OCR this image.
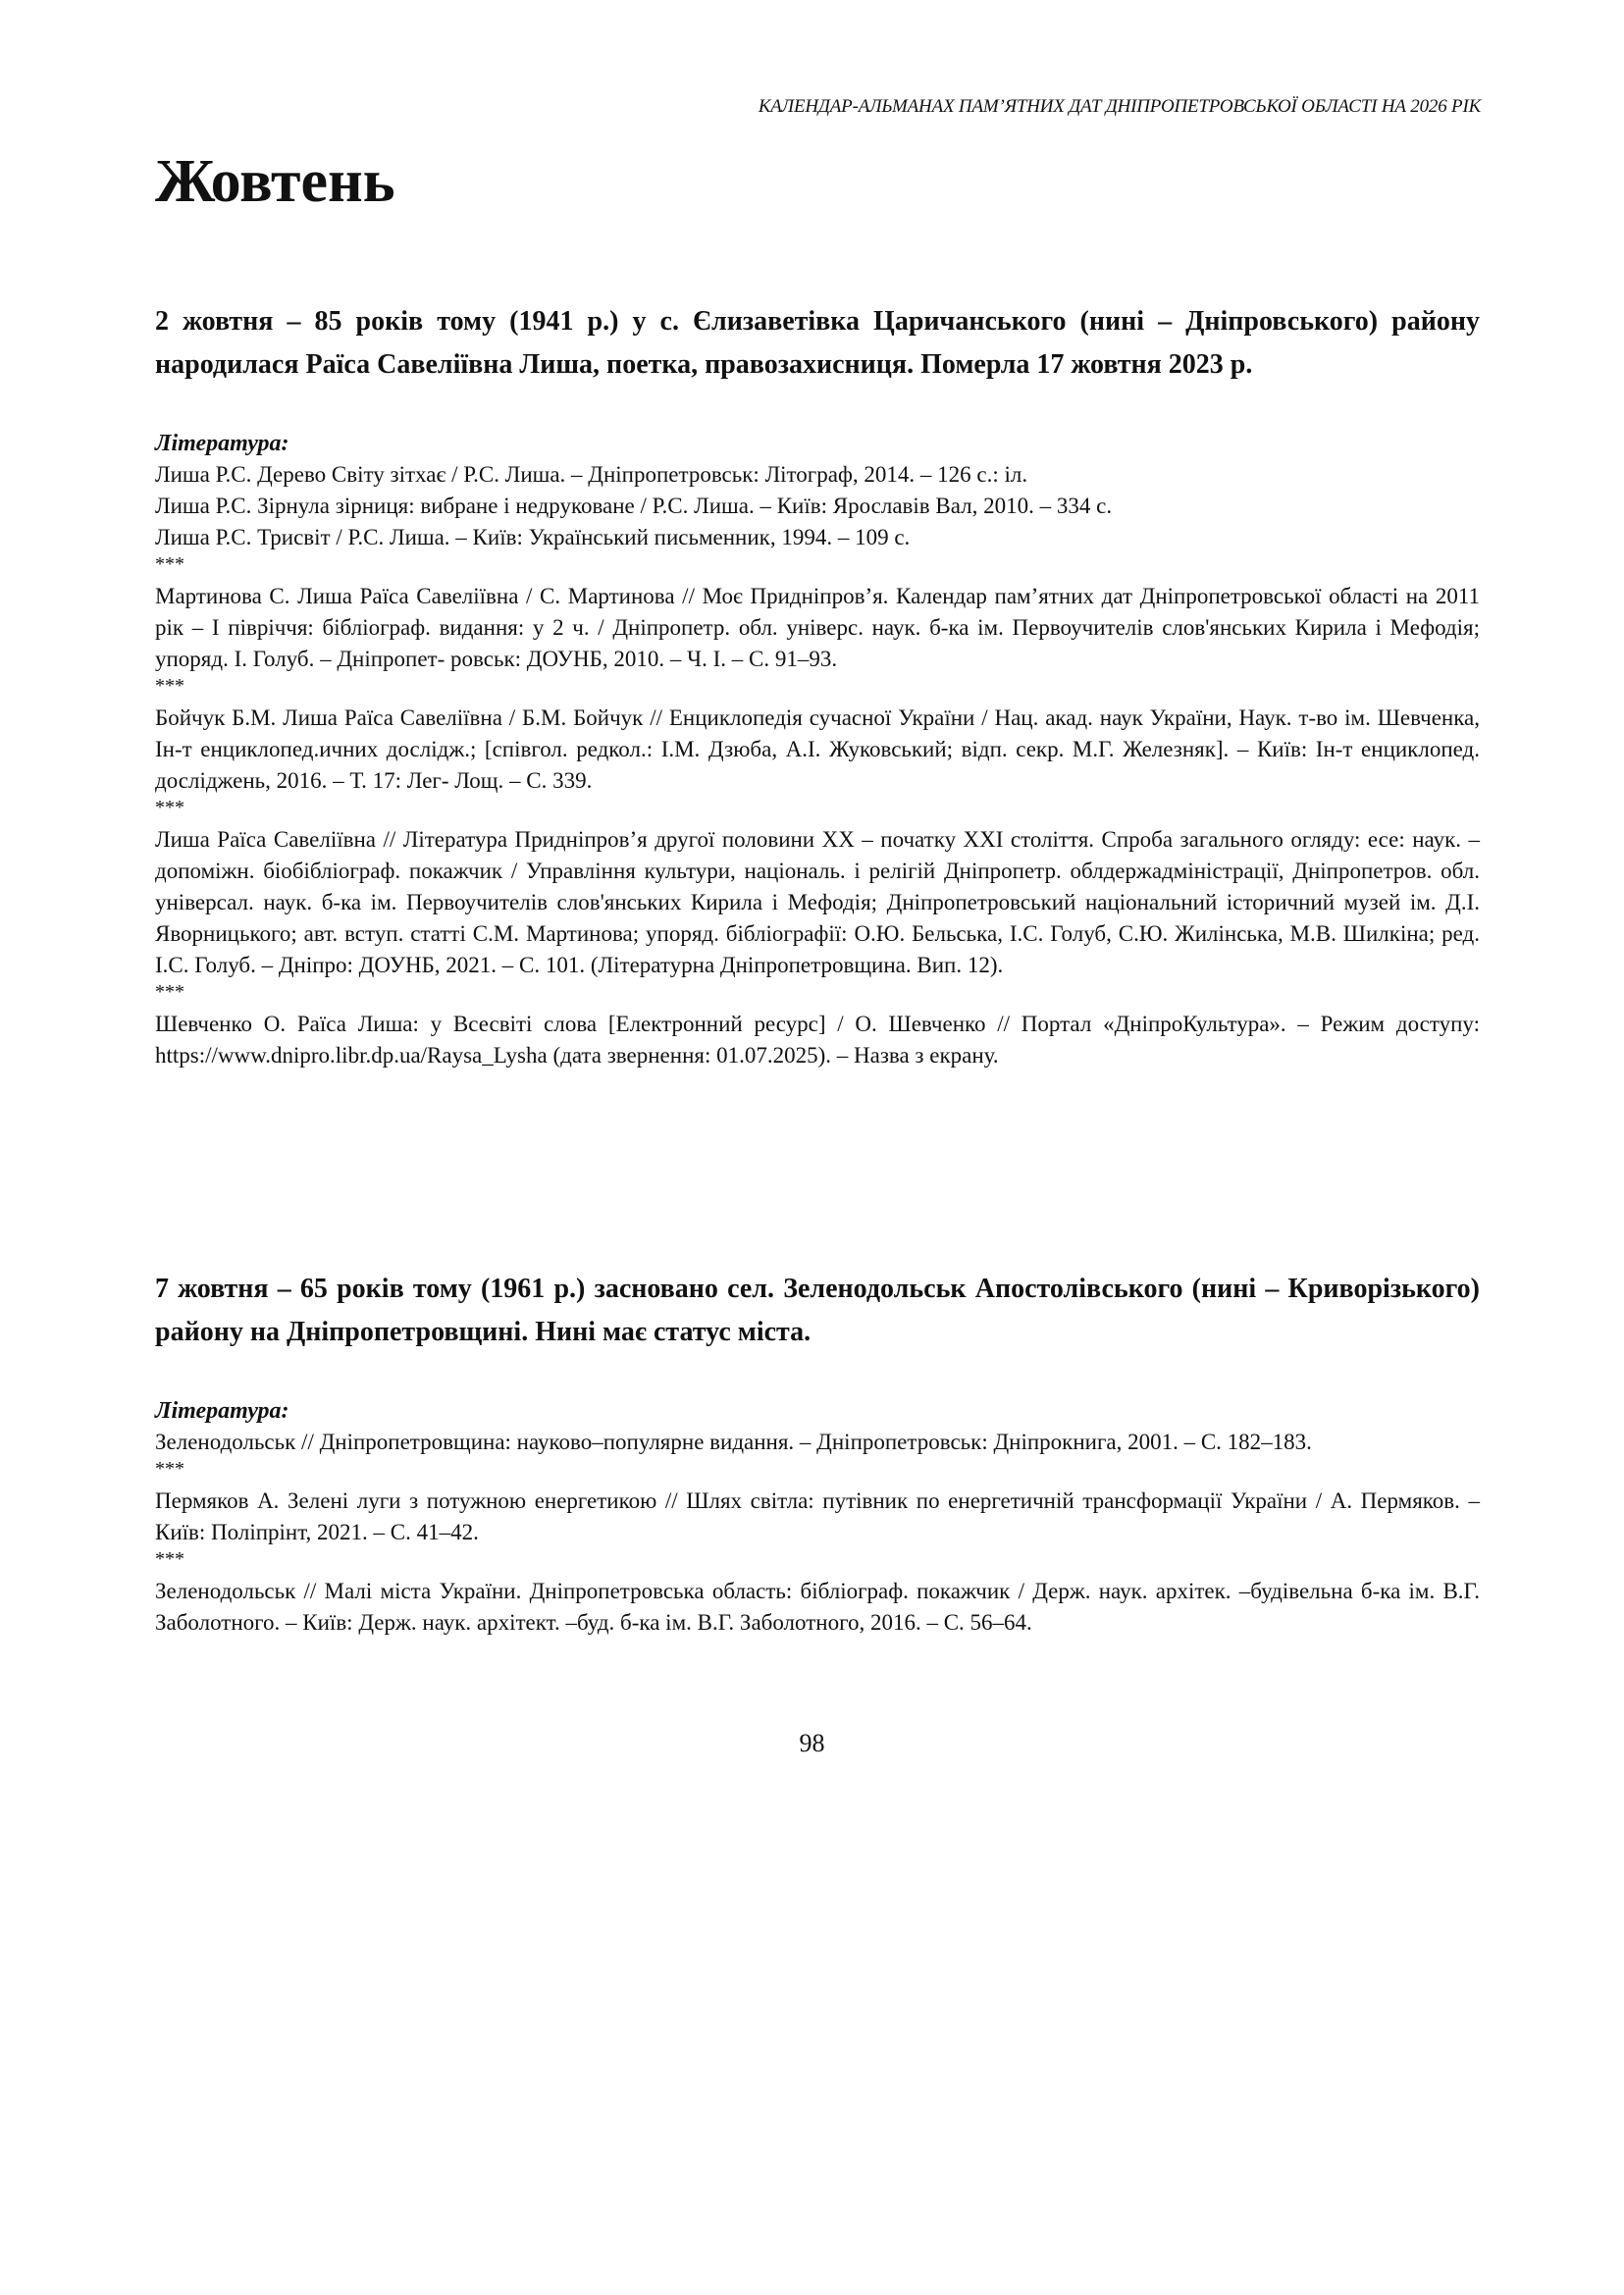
КАЛЕНДАР-АЛЬМАНАХ ПАМ’ЯТНИХ ДАТ ДНІПРОПЕТРОВСЬКОЇ ОБЛАСТІ НА 2026 РІК
Жовтень
2 жовтня – 85 років тому (1941 р.) у с. Єлизаветівка Царичанського (нині – Дніпровського) району народилася Раїса Савеліївна Лиша, поетка, правозахисниця. Померла 17 жовтня 2023 р.
Література:
Лиша Р.С. Дерево Світу зітхає / Р.С. Лиша. – Дніпропетровськ: Літограф, 2014. – 126 с.: іл.
Лиша Р.С. Зірнула зірниця: вибране і недруковане / Р.С. Лиша. – Київ: Ярославів Вал, 2010. – 334 с.
Лиша Р.С. Трисвіт / Р.С. Лиша. – Київ: Український письменник, 1994. – 109 с.
***
Мартинова С. Лиша Раїса Савеліївна / С. Мартинова // Моє Придніпров’я. Календар пам’ятних дат Дніпропетровської області на 2011 рік – І півріччя: бібліограф. видання: у 2 ч. / Дніпропетр. обл. універс. наук. б-ка ім. Первоучителів слов'янських Кирила і Мефодія; упоряд. І. Голуб. – Дніпропет- ровськ: ДОУНБ, 2010. – Ч. І. – С. 91–93.
***
Бойчук Б.М. Лиша Раїса Савеліївна / Б.М. Бойчук // Енциклопедія сучасної України / Нац. акад. наук України, Наук. т-во ім. Шевченка, Ін-т енциклопед.ичних дослідж.; [співгол. редкол.: І.М. Дзюба, А.І. Жуковський; відп. секр. М.Г. Железняк]. – Київ: Ін-т енциклопед. досліджень, 2016. – Т. 17: Лег- Лощ. – С. 339.
***
Лиша Раїса Савеліївна // Література Придніпров’я другої половини ХХ – початку ХХІ століття. Спроба загального огляду: есе: наук. –допоміжн. біобібліограф. покажчик / Управління культури, національ. і релігій Дніпропетр. облдержадміністрації, Дніпропетров. обл. універсал. наук. б-ка ім. Первоучителів слов'янських Кирила і Мефодія; Дніпропетровський національний історичний музей ім. Д.І. Яворницького; авт. вступ. статті С.М. Мартинова; упоряд. бібліографії: О.Ю. Бельська, І.С. Голуб, С.Ю. Жилінська, М.В. Шилкіна; ред. І.С. Голуб. – Дніпро: ДОУНБ, 2021. – С. 101. (Літературна Дніпропетровщина. Вип. 12).
***
Шевченко О. Раїса Лиша: у Всесвіті слова [Електронний ресурс] / О. Шевченко // Портал «ДніпроКультура». – Режим доступу: https://www.dnipro.libr.dp.ua/Raysa_Lysha (дата звернення: 01.07.2025). – Назва з екрану.
7 жовтня – 65 років тому (1961 р.) засновано сел. Зеленодольськ Апостолівського (нині – Криворізького) району на Дніпропетровщині. Нині має статус міста.
Література:
Зеленодольськ // Дніпропетровщина: науково–популярне видання. – Дніпропетровськ: Дніпрокнига, 2001. – С. 182–183.
***
Пермяков А. Зелені луги з потужною енергетикою // Шлях світла: путівник по енергетичній трансформації України / А. Пермяков. – Київ: Поліпрінт, 2021. – С. 41–42.
***
Зеленодольськ // Малі міста України. Дніпропетровська область: бібліограф. покажчик / Держ. наук. архітек. –будівельна б-ка ім. В.Г. Заболотного. – Київ: Держ. наук. архітект. –буд. б-ка ім. В.Г. Заболотного, 2016. – С. 56–64.
98
